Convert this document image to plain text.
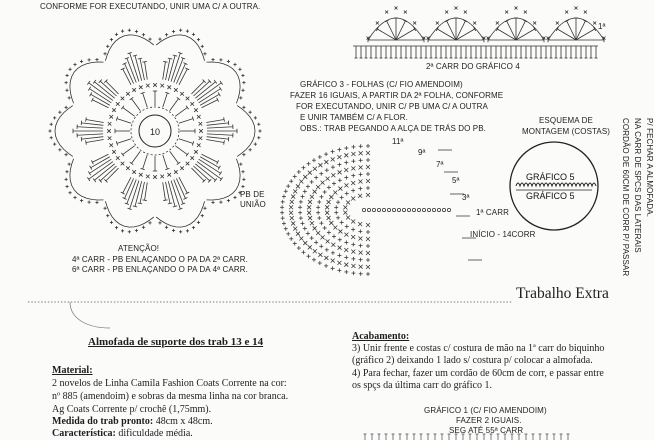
CONFORME FOR EXECUTANDO, UNIR UMA C/ A OUTRA.
10
PB DE
UNIÃO
ATENÇÃO!
4ª CARR - PB ENLAÇANDO O PA DA 2ª CARR.
6ª CARR - PB ENLAÇANDO O PA DA 4ª CARR.
1ª
2ª CARR DO GRÁFICO 4
GRÁFICO 3 - FOLHAS (C/ FIO AMENDOIM)
FAZER 16 IGUAIS, A PARTIR DA 2ª FOLHA, CONFORME
FOR EXECUTANDO, UNIR C/ PB UMA C/ A OUTRA
E UNIR TAMBÉM C/ A FLOR.
OBS.: TRAB PEGANDO A ALÇA DE TRÁS DO PB.
11ª
9ª
7ª
5ª
3ª
1ª CARR
INÍCIO - 14CORR
ESQUEMA DE
MONTAGEM (COSTAS)
GRÁFICO 5
GRÁFICO 5	CORDÃO DE 60CM DE CORR P/ PASSAR NA CARR DE SPCS DAS LATERAIS P/ FECHAR A ALMOFADA.
Trabalho Extra
Almofada de suporte dos trab 13 e 14
Material:
2 novelos de Linha Camila Fashion Coats Corrente na cor:
nº 885 (amendoim) e sobras da mesma linha na cor branca.
Ag Coats Corrente p/ crochê (1,75mm).
Medida do trab pronto: 48cm x 48cm.
Característica: dificuldade média.
Acabamento:
3) Unir frente e costas c/ costura de mão na 1ª carr do biquinho
(gráfico 2) deixando 1 lado s/ costura p/ colocar a almofada.
4) Para fechar, fazer um cordão de 60cm de corr, e passar entre
os spçs da última carr do gráfico 1.
GRÁFICO 1 (C/ FIO AMENDOIM)
FAZER 2 IGUAIS.
SEG ATÉ 55ª CARR
